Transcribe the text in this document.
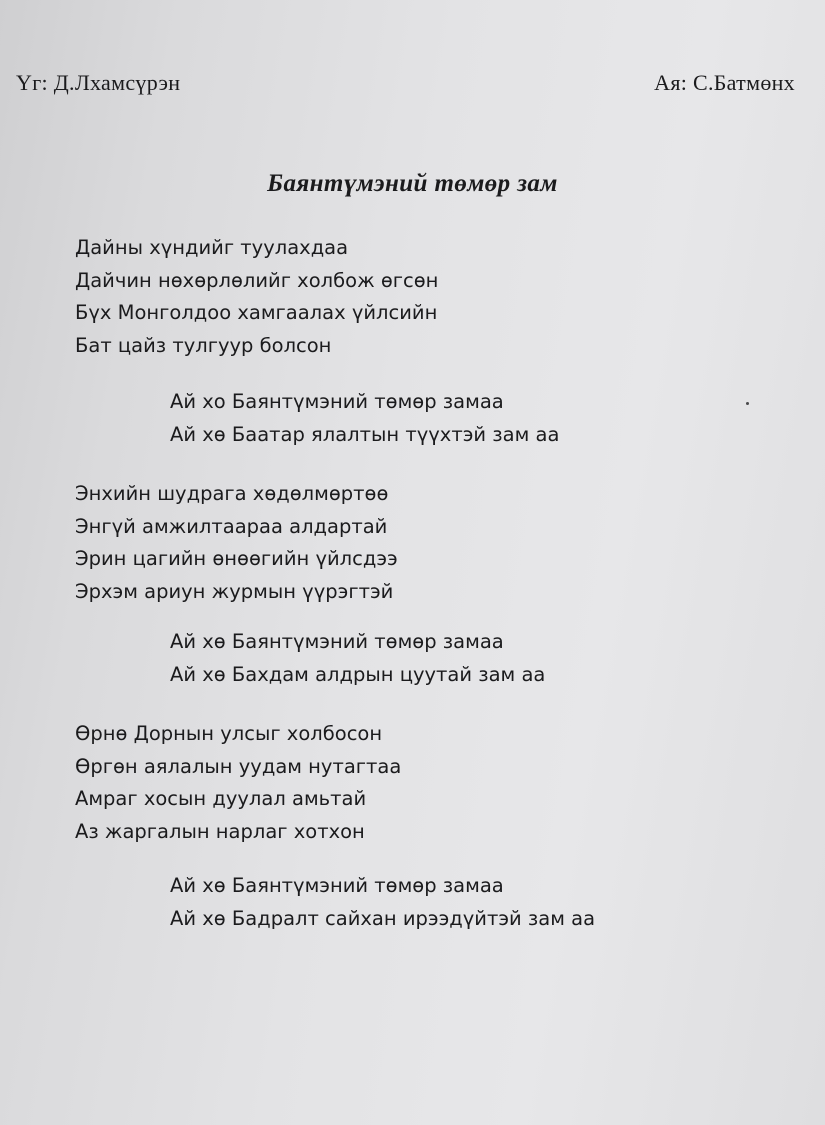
Үг: Д.Лхамсүрэн	Ая: С.Батмөнх
Баянтүмэний төмөр зам
Дайны хүндийг туулахдаа
Дайчин нөхөрлөлийг холбож өгсөн
Бүх Монголдоо хамгаалах үйлсийн
Бат цайз тулгуур болсон
Ай хо Баянтүмэний төмөр замаа
Ай хө Баатар ялалтын түүхтэй зам аа
Энхийн шудрага хөдөлмөртөө
Энгүй амжилтаараа алдартай
Эрин цагийн өнөөгийн үйлсдээ
Эрхэм ариун журмын үүрэгтэй
Ай хө Баянтүмэний төмөр замаа
Ай хө Бахдам алдрын цуутай зам аа
Өрнө Дорнын улсыг холбосон
Өргөн аялалын уудам нутагтаа
Амраг хосын дуулал амьтай
Аз жаргалын нарлаг хотхон
Ай хө Баянтүмэний төмөр замаа
Ай хө Бадралт сайхан ирээдүйтэй зам аа
